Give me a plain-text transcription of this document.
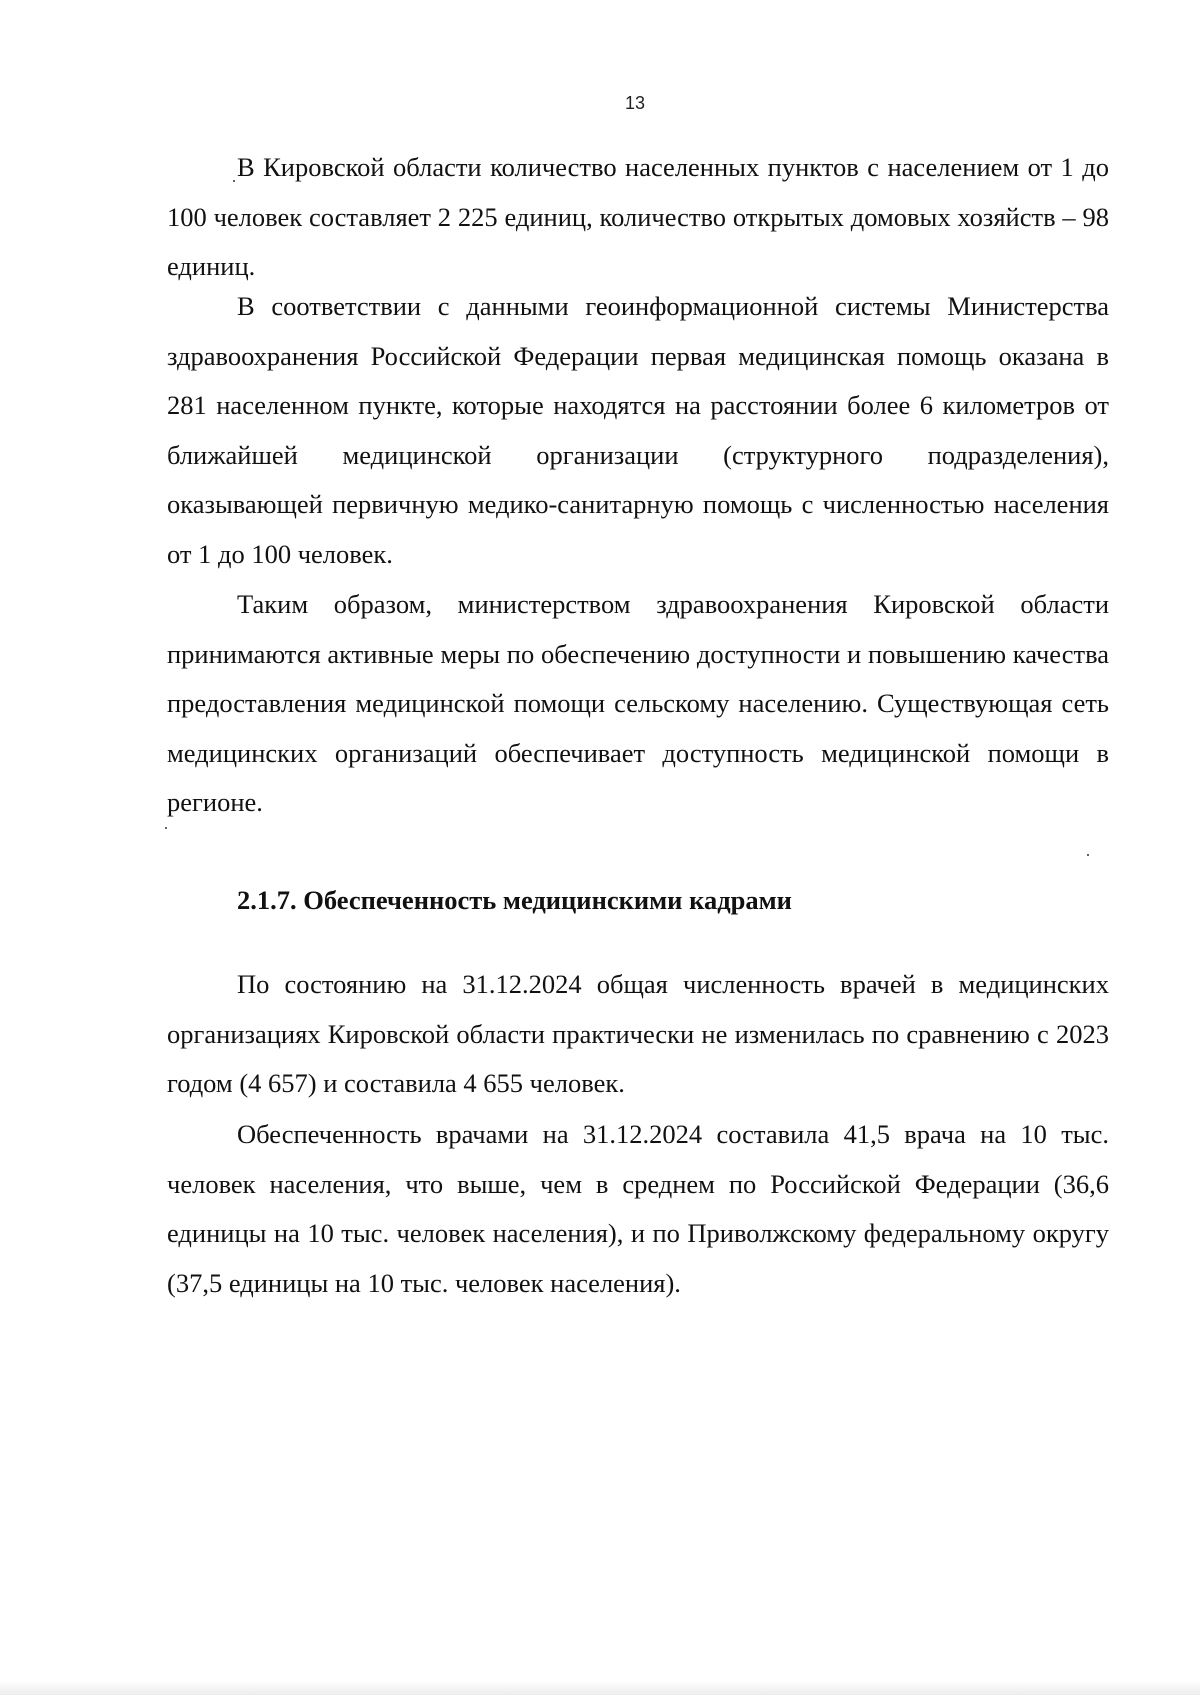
13

В Кировской области количество населенных пунктов с населением от 1 до 100 человек составляет 2 225 единиц, количество открытых домовых хозяйств – 98 единиц.

В соответствии с данными геоинформационной системы Министерства здравоохранения Российской Федерации первая медицинская помощь оказана в 281 населенном пункте, которые находятся на расстоянии более 6 километров от ближайшей медицинской организации (структурного подразделения), оказывающей первичную медико-санитарную помощь с численностью населения от 1 до 100 человек.

Таким образом, министерством здравоохранения Кировской области принимаются активные меры по обеспечению доступности и повышению качества предоставления медицинской помощи сельскому населению. Существующая сеть медицинских организаций обеспечивает доступность медицинской помощи в регионе.

2.1.7. Обеспеченность медицинскими кадрами

По состоянию на 31.12.2024 общая численность врачей в медицинских организациях Кировской области практически не изменилась по сравнению с 2023 годом (4 657) и составила 4 655 человек.

Обеспеченность врачами на 31.12.2024 составила 41,5 врача на 10 тыс. человек населения, что выше, чем в среднем по Российской Федерации (36,6 единицы на 10 тыс. человек населения), и по Приволжскому федеральному округу (37,5 единицы на 10 тыс. человек населения).
